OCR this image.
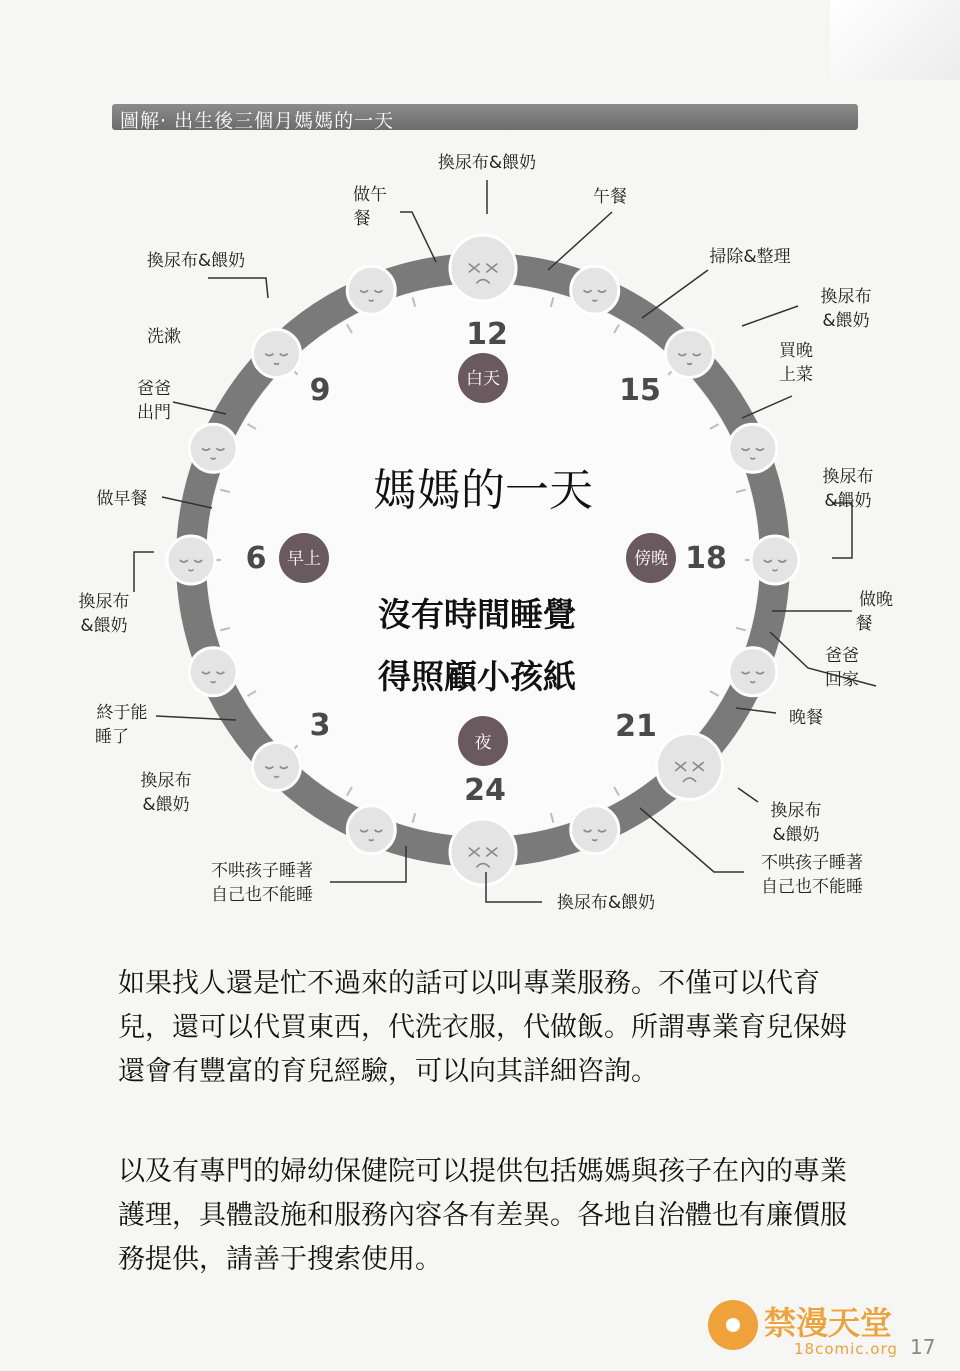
圖解· 出生後三個月媽媽的一天
12
15
18
21
24
3
6
9	白天
傍晚
夜
早上
媽媽的一天
沒有時間睡覺
得照顧小孩紙
換尿布&餵奶
午餐
做午
餐
掃除&整理
換尿布&餵奶
換尿布
&餵奶
洗漱
買晚
上菜
爸爸
出門
換尿布
&餵奶
做早餐
換尿布
&餵奶
做晚
餐
爸爸
回家
終于能
睡了
晚餐
換尿布
&餵奶	換尿布
&餵奶
不哄孩子睡著
自己也不能睡
不哄孩子睡著
自己也不能睡	換尿布&餵奶

如果找人還是忙不過來的話可以叫專業服務。不僅可以代育兒，還可以代買東西，代洗衣服，代做飯。所謂專業育兒保姆還會有豐富的育兒經驗，可以向其詳細咨詢。

以及有專門的婦幼保健院可以提供包括媽媽與孩子在內的專業護理，具體設施和服務內容各有差異。各地自治體也有廉價服務提供，請善于搜索使用。

17
禁漫天堂
18comic.org
